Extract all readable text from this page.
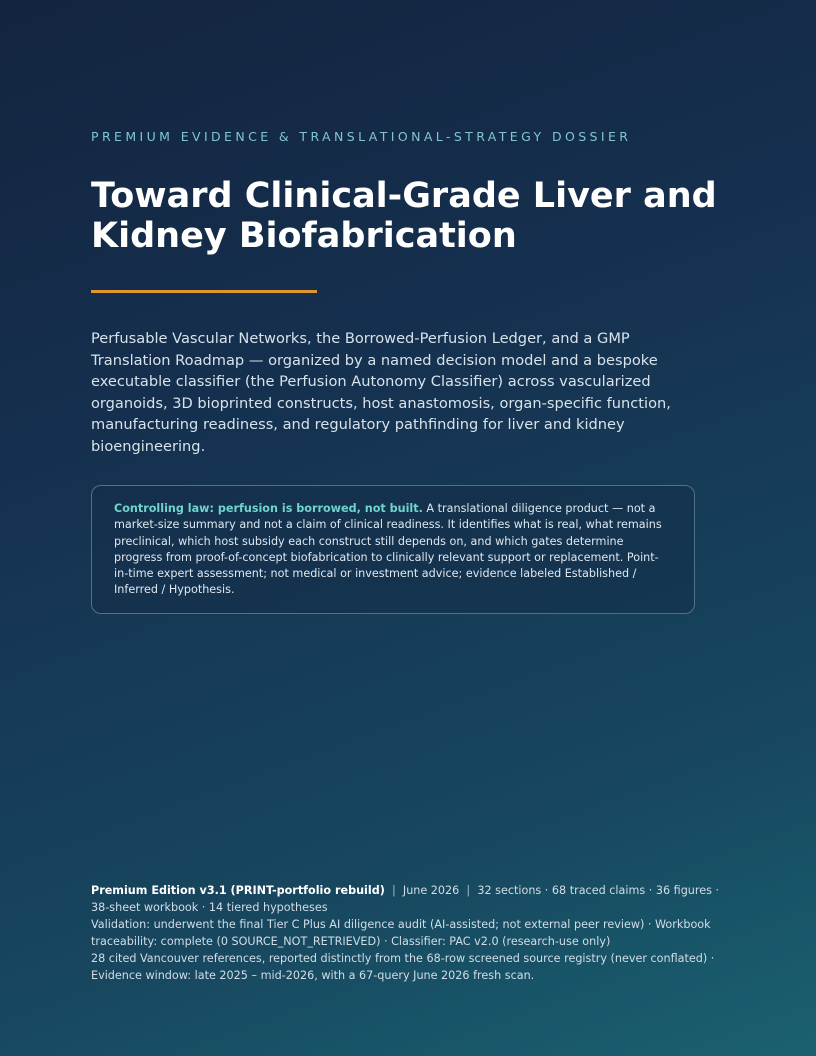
PREMIUM EVIDENCE & TRANSLATIONAL-STRATEGY DOSSIER
Toward Clinical-Grade Liver and Kidney Biofabrication

Perfusable Vascular Networks, the Borrowed-Perfusion Ledger, and a GMP Translation Roadmap — organized by a named decision model and a bespoke executable classifier (the Perfusion Autonomy Classifier) across vascularized organoids, 3D bioprinted constructs, host anastomosis, organ-specific function, manufacturing readiness, and regulatory pathfinding for liver and kidney bioengineering.

Controlling law: perfusion is borrowed, not built. A translational diligence product — not a market-size summary and not a claim of clinical readiness. It identifies what is real, what remains preclinical, which host subsidy each construct still depends on, and which gates determine progress from proof-of-concept biofabrication to clinically relevant support or replacement. Point-in-time expert assessment; not medical or investment advice; evidence labeled Established / Inferred / Hypothesis.

Premium Edition v3.1 (PRINT-portfolio rebuild) | June 2026 | 32 sections · 68 traced claims · 36 figures · 38-sheet workbook · 14 tiered hypotheses

Validation: underwent the final Tier C Plus AI diligence audit (AI-assisted; not external peer review) · Workbook traceability: complete (0 SOURCE_NOT_RETRIEVED) · Classifier: PAC v2.0 (research-use only)

28 cited Vancouver references, reported distinctly from the 68-row screened source registry (never conflated) · Evidence window: late 2025 – mid-2026, with a 67-query June 2026 fresh scan.
